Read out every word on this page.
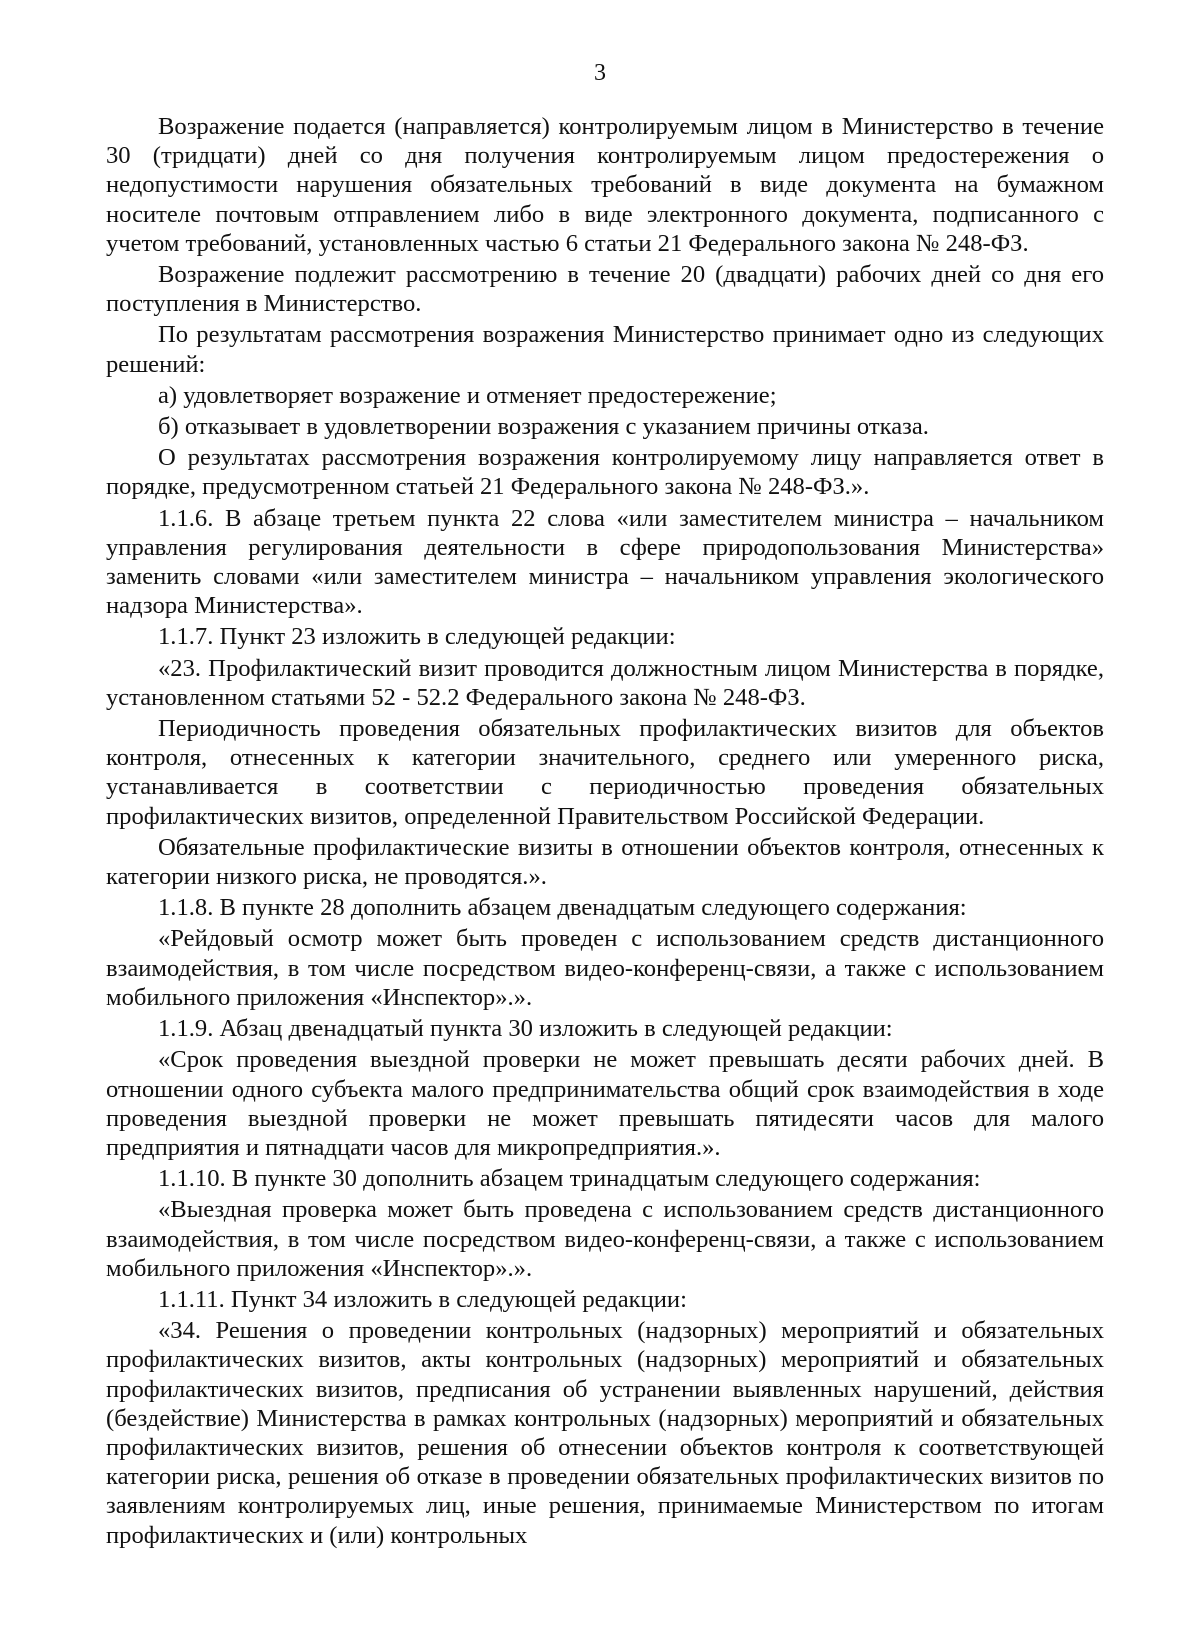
3

Возражение подается (направляется) контролируемым лицом в Министерство в течение 30 (тридцати) дней со дня получения контролируемым лицом предостережения о недопустимости нарушения обязательных требований в виде документа на бумажном носителе почтовым отправлением либо в виде электронного документа, подписанного с учетом требований, установленных частью 6 статьи 21 Федерального закона № 248-ФЗ.

Возражение подлежит рассмотрению в течение 20 (двадцати) рабочих дней со дня его поступления в Министерство.

По результатам рассмотрения возражения Министерство принимает одно из следующих решений:

а) удовлетворяет возражение и отменяет предостережение;

б) отказывает в удовлетворении возражения с указанием причины отказа.

О результатах рассмотрения возражения контролируемому лицу направляется ответ в порядке, предусмотренном статьей 21 Федерального закона № 248-ФЗ.».

1.1.6. В абзаце третьем пункта 22 слова «или заместителем министра – начальником управления регулирования деятельности в сфере природопользования Министерства» заменить словами «или заместителем министра – начальником управления экологического надзора Министерства».

1.1.7. Пункт 23 изложить в следующей редакции:

«23. Профилактический визит проводится должностным лицом Министерства в порядке, установленном статьями 52 - 52.2 Федерального закона № 248-ФЗ.

Периодичность проведения обязательных профилактических визитов для объектов контроля, отнесенных к категории значительного, среднего или умеренного риска, устанавливается в соответствии с периодичностью проведения обязательных профилактических визитов, определенной Правительством Российской Федерации.

Обязательные профилактические визиты в отношении объектов контроля, отнесенных к категории низкого риска, не проводятся.».

1.1.8. В пункте 28 дополнить абзацем двенадцатым следующего содержания:

«Рейдовый осмотр может быть проведен с использованием средств дистанционного взаимодействия, в том числе посредством видео-конференц-связи, а также с использованием мобильного приложения «Инспектор».».

1.1.9. Абзац двенадцатый пункта 30 изложить в следующей редакции:

«Срок проведения выездной проверки не может превышать десяти рабочих дней. В отношении одного субъекта малого предпринимательства общий срок взаимодействия в ходе проведения выездной проверки не может превышать пятидесяти часов для малого предприятия и пятнадцати часов для микропредприятия.».

1.1.10. В пункте 30 дополнить абзацем тринадцатым следующего содержания:

«Выездная проверка может быть проведена с использованием средств дистанционного взаимодействия, в том числе посредством видео-конференц-связи, а также с использованием мобильного приложения «Инспектор».».

1.1.11. Пункт 34 изложить в следующей редакции:

«34. Решения о проведении контрольных (надзорных) мероприятий и обязательных профилактических визитов, акты контрольных (надзорных) мероприятий и обязательных профилактических визитов, предписания об устранении выявленных нарушений, действия (бездействие) Министерства в рамках контрольных (надзорных) мероприятий и обязательных профилактических визитов, решения об отнесении объектов контроля к соответствующей категории риска, решения об отказе в проведении обязательных профилактических визитов по заявлениям контролируемых лиц, иные решения, принимаемые Министерством по итогам профилактических и (или) контрольных
